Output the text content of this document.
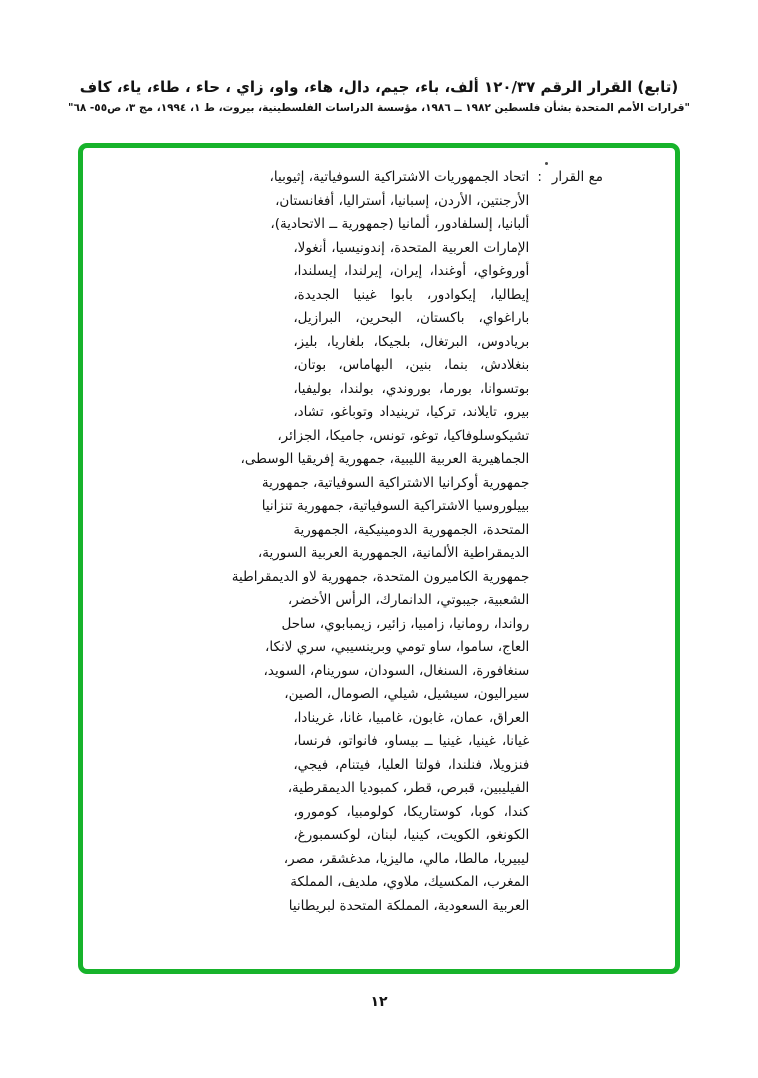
(تابع) القرار الرقم ١٢٠/٣٧ ألف، باء، جيم، دال، هاء، واو، زاي ، حاء ، طاء، ياء، كاف
"قرارات الأمم المتحدة بشأن فلسطين ١٩٨٢ ــ ١٩٨٦، مؤسسة الدراسات الفلسطينية، بيروت، ط ١، ١٩٩٤، مج ٣، ص٥٥- ٦٨"
مع القرار
:
اتحاد الجمهوريات الاشتراكية السوفياتية، إثيوبيا،
الأرجنتين، الأردن، إسبانيا، أستراليا، أفغانستان،
ألبانيا، إلسلفادور، ألمانيا (جمهورية ــ الاتحادية)،
الإمارات العربية المتحدة، إندونيسيا، أنغولا،
أوروغواي، أوغندا، إيران، إيرلندا، إيسلندا،
إيطاليا، إيكوادور، بابوا غينيا الجديدة،
باراغواي، باكستان، البحرين، البرازيل،
بريادوس، البرتغال، بلجيكا، بلغاريا، بليز،
بنغلادش، بنما، بنين، البهاماس، بوتان،
بوتسوانا، بورما، بوروندي، بولندا، بوليفيا،
بيرو، تايلاند، تركيا، ترينيداد وتوباغو، تشاد،
تشيكوسلوفاكيا، توغو، تونس، جاميكا، الجزائر،
الجماهيرية العربية الليبية، جمهورية إفريقيا الوسطى،
جمهورية أوكرانيا الاشتراكية السوفياتية، جمهورية
بييلوروسيا الاشتراكية السوفياتية، جمهورية تنزانيا
المتحدة، الجمهورية الدومينيكية، الجمهورية
الديمقراطية الألمانية، الجمهورية العربية السورية،
جمهورية الكاميرون المتحدة، جمهورية لاو الديمقراطية
الشعبية، جيبوتي، الدانمارك، الرأس الأخضر،
رواندا، رومانيا، زامبيا، زائير، زيمبابوي، ساحل
العاج، ساموا، ساو تومي وبرينسيبي، سري لانكا،
سنغافورة، السنغال، السودان، سورينام، السويد،
سيراليون، سيشيل، شيلي، الصومال، الصين،
العراق، عمان، غابون، غامبيا، غانا، غرينادا،
غيانا، غينيا، غينيا ــ بيساو، فانواتو، فرنسا،
فنزويلا، فنلندا، فولتا العليا، فيتنام، فيجي،
الفيليبين، قبرص، قطر، كمبوديا الديمقرطية،
كندا، كوبا، كوستاريكا، كولومبيا، كومورو،
الكونغو، الكويت، كينيا، لبنان، لوكسمبورغ،
ليبيريا، مالطا، مالي، ماليزيا، مدغشقر، مصر،
المغرب، المكسيك، ملاوي، ملديف، المملكة
العربية السعودية، المملكة المتحدة لبريطانيا
١٢
